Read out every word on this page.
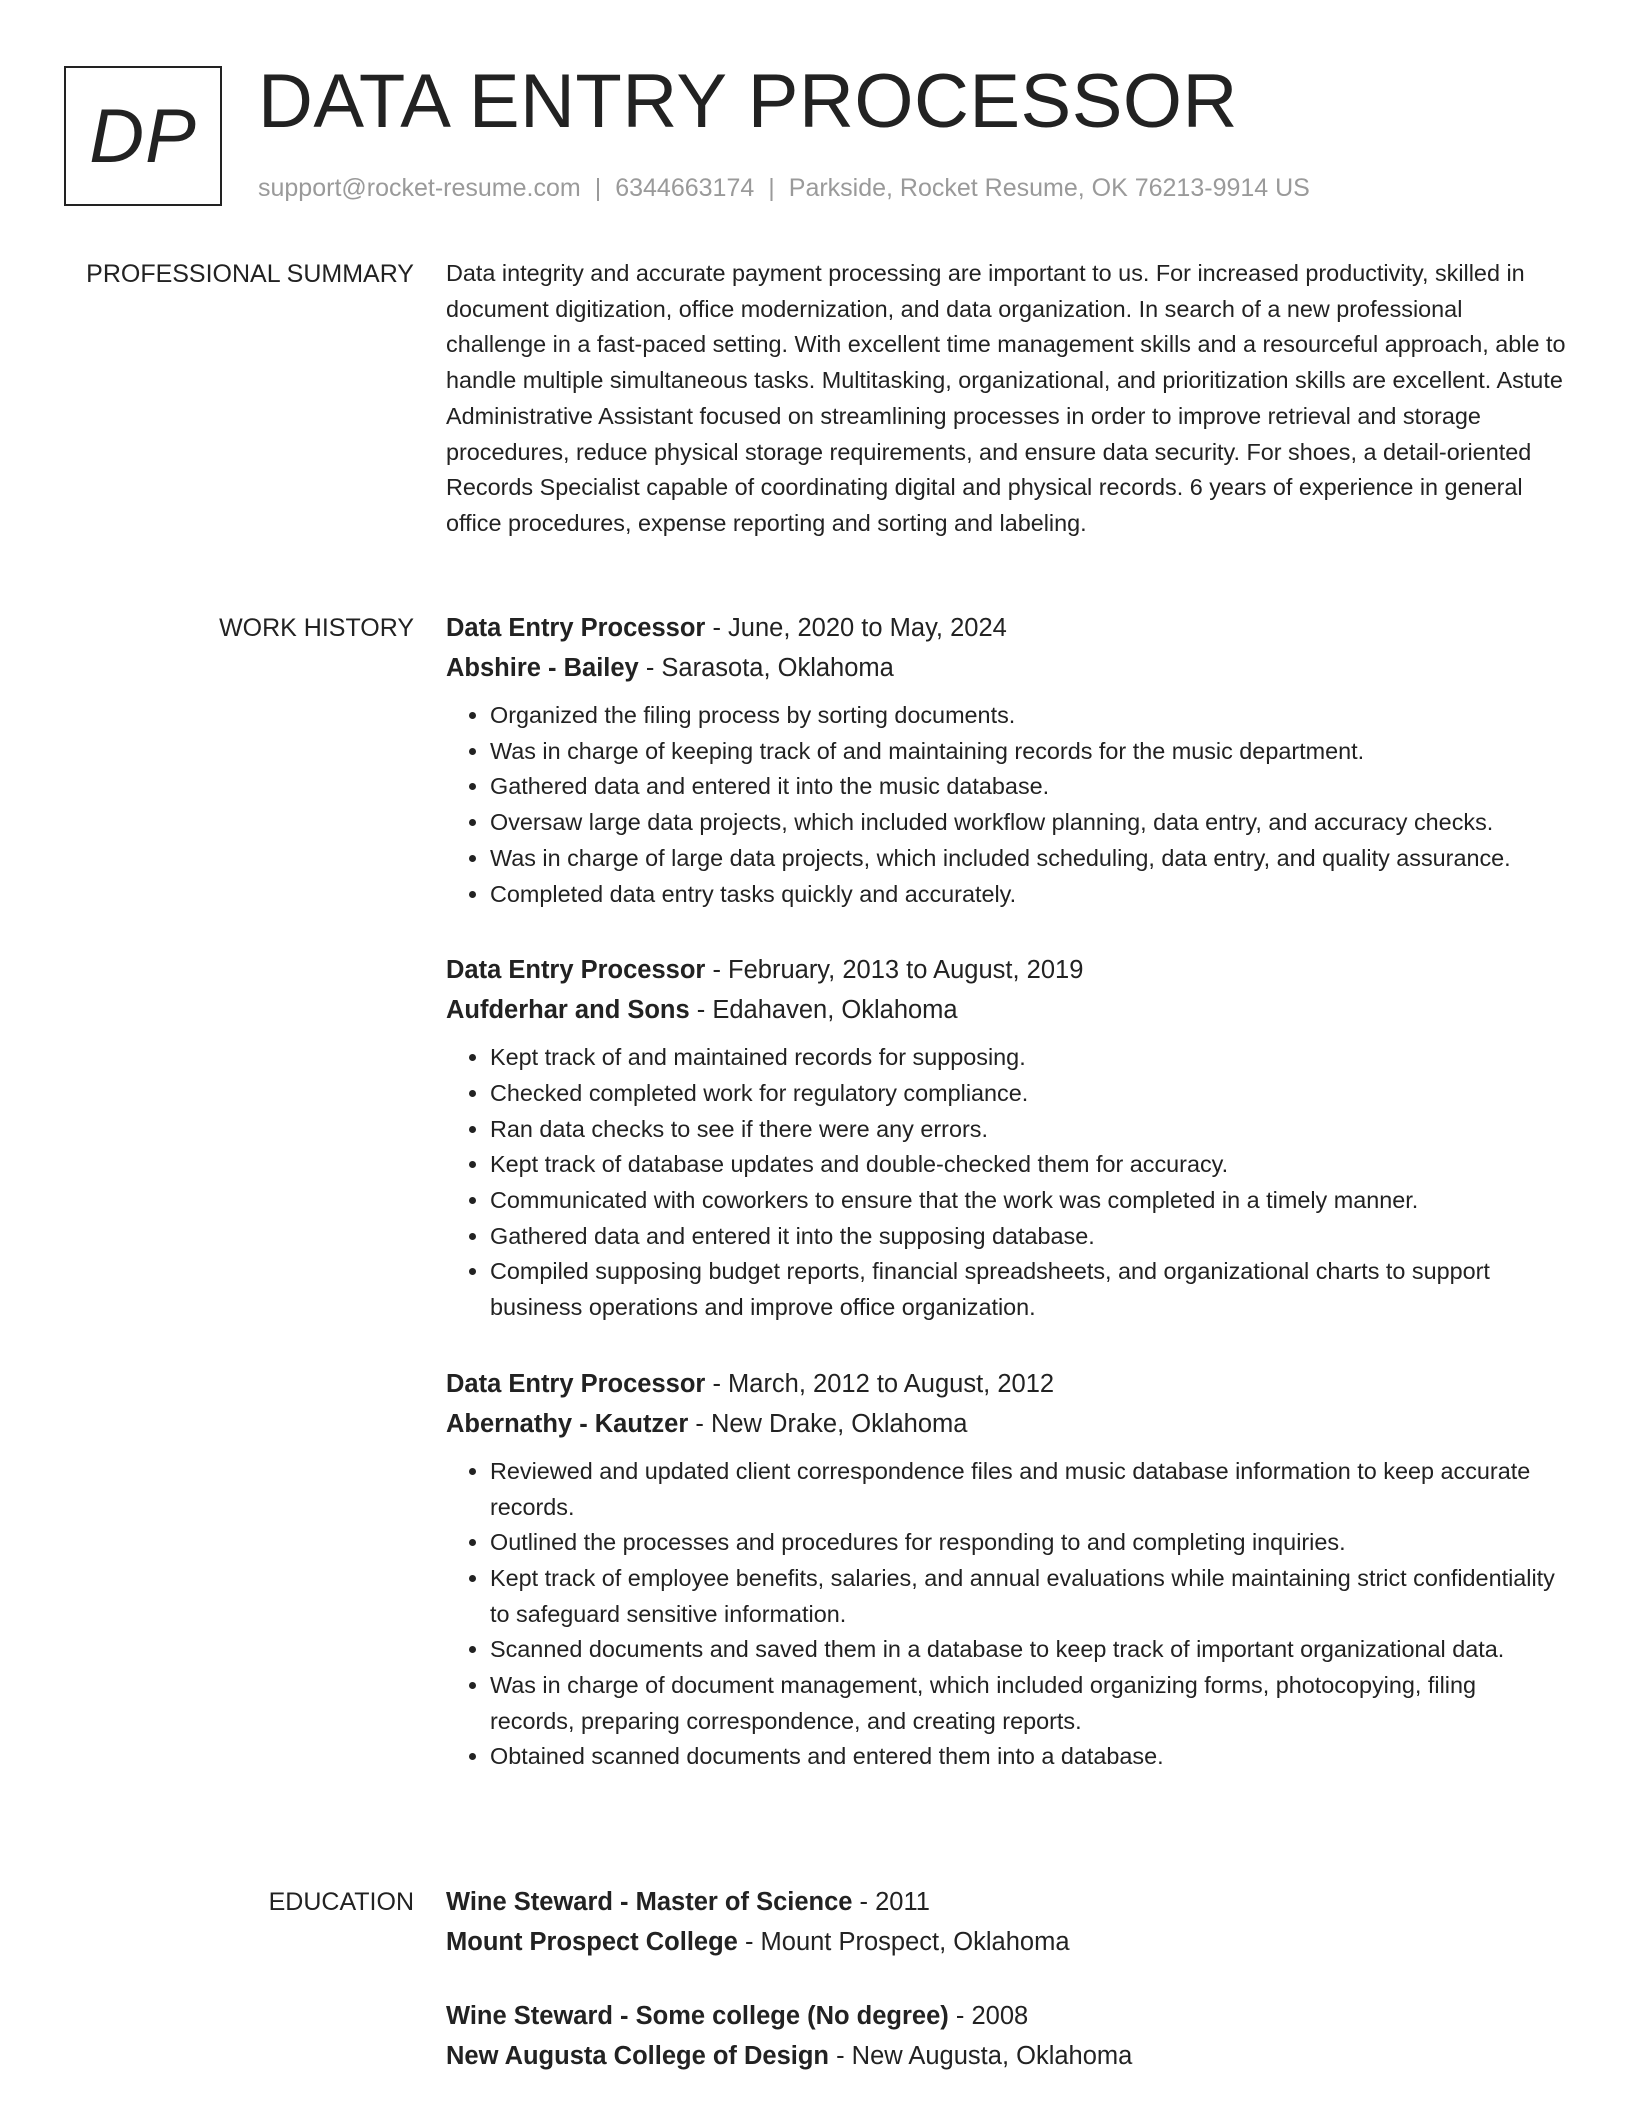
DP DATA ENTRY PROCESSOR
support@rocket-resume.com | 6344663174 | Parkside, Rocket Resume, OK 76213-9914 US
PROFESSIONAL SUMMARY Data integrity and accurate payment processing are important to us. For increased productivity, skilled in document digitization, office modernization, and data organization. In search of a new professional challenge in a fast-paced setting. With excellent time management skills and a resourceful approach, able to handle multiple simultaneous tasks. Multitasking, organizational, and prioritization skills are excellent. Astute Administrative Assistant focused on streamlining processes in order to improve retrieval and storage procedures, reduce physical storage requirements, and ensure data security. For shoes, a detail-oriented Records Specialist capable of coordinating digital and physical records. 6 years of experience in general office procedures, expense reporting and sorting and labeling.

WORK HISTORY Data Entry Processor - June, 2020 to May, 2024
Abshire - Bailey - Sarasota, Oklahoma
• Organized the filing process by sorting documents.
• Was in charge of keeping track of and maintaining records for the music department.
• Gathered data and entered it into the music database.
• Oversaw large data projects, which included workflow planning, data entry, and accuracy checks.
• Was in charge of large data projects, which included scheduling, data entry, and quality assurance.
• Completed data entry tasks quickly and accurately.
Data Entry Processor - February, 2013 to August, 2019
Aufderhar and Sons - Edahaven, Oklahoma
• Kept track of and maintained records for supposing.
• Checked completed work for regulatory compliance.
• Ran data checks to see if there were any errors.
• Kept track of database updates and double-checked them for accuracy.
• Communicated with coworkers to ensure that the work was completed in a timely manner.
• Gathered data and entered it into the supposing database.
• Compiled supposing budget reports, financial spreadsheets, and organizational charts to support business operations and improve office organization.
Data Entry Processor - March, 2012 to August, 2012
Abernathy - Kautzer - New Drake, Oklahoma
• Reviewed and updated client correspondence files and music database information to keep accurate records.
• Outlined the processes and procedures for responding to and completing inquiries.
• Kept track of employee benefits, salaries, and annual evaluations while maintaining strict confidentiality to safeguard sensitive information.
• Scanned documents and saved them in a database to keep track of important organizational data.
• Was in charge of document management, which included organizing forms, photocopying, filing records, preparing correspondence, and creating reports.
• Obtained scanned documents and entered them into a database.
EDUCATION Wine Steward - Master of Science - 2011
Mount Prospect College - Mount Prospect, Oklahoma
Wine Steward - Some college (No degree) - 2008
New Augusta College of Design - New Augusta, Oklahoma
